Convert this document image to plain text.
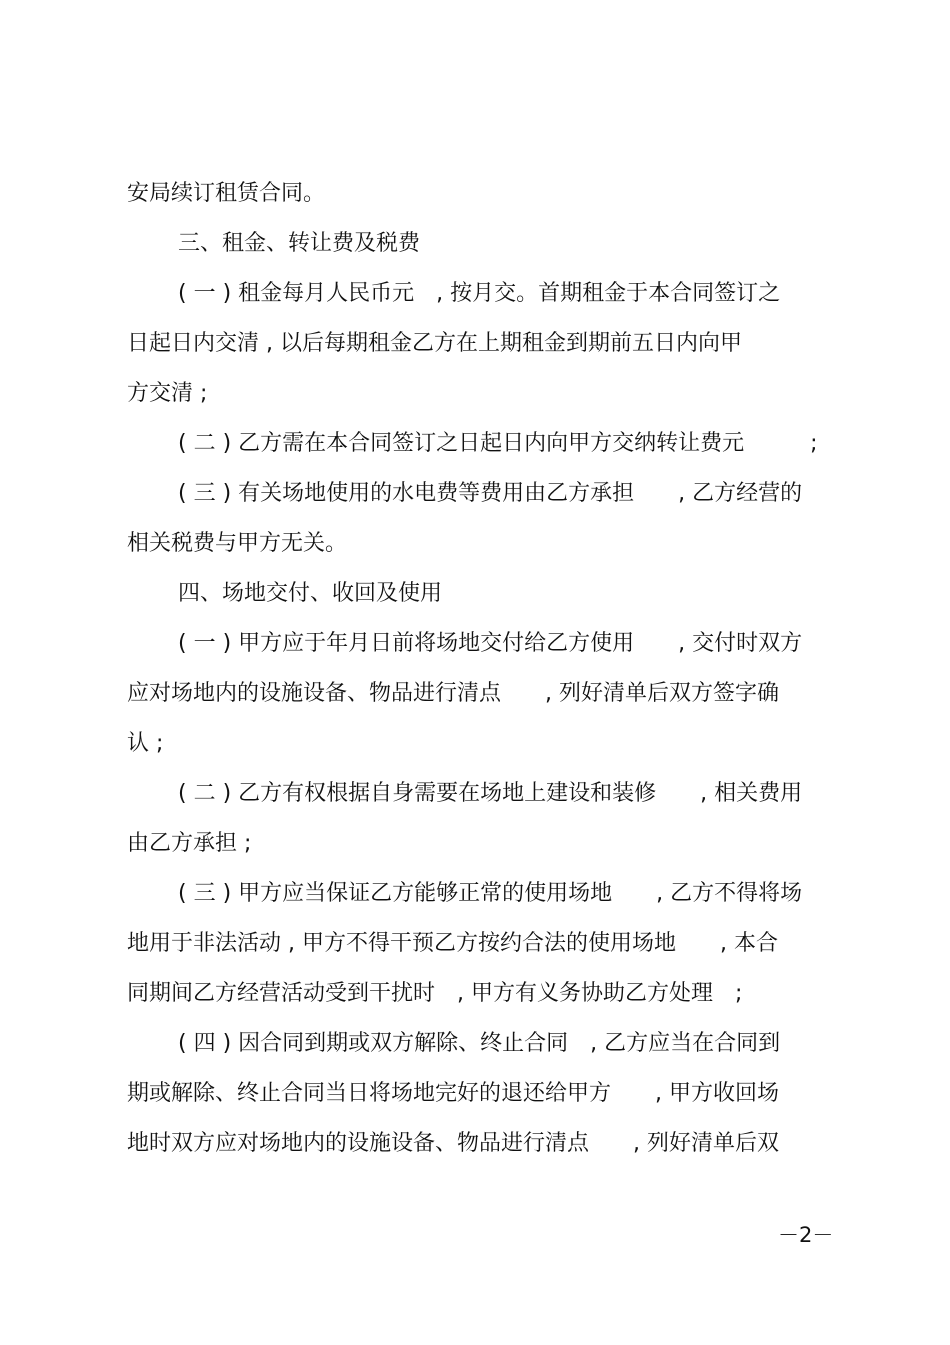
安局续订租赁合同。
三、租金、转让费及税费
( 一 ) 租金每月人民币元　, 按月交。首期租金于本合同签订之
日起日内交清 , 以后每期租金乙方在上期租金到期前五日内向甲
方交清 ;
( 二 ) 乙方需在本合同签订之日起日内向甲方交纳转让费元　　　;
( 三 ) 有关场地使用的水电费等费用由乙方承担　　, 乙方经营的
相关税费与甲方无关。
四、场地交付、收回及使用
( 一 ) 甲方应于年月日前将场地交付给乙方使用　　, 交付时双方
应对场地内的设施设备、物品进行清点　　, 列好清单后双方签字确
认 ;
( 二 ) 乙方有权根据自身需要在场地上建设和装修　　, 相关费用
由乙方承担 ;
( 三 ) 甲方应当保证乙方能够正常的使用场地　　, 乙方不得将场
地用于非法活动 , 甲方不得干预乙方按约合法的使用场地　　, 本合
同期间乙方经营活动受到干扰时　, 甲方有义务协助乙方处理　;
( 四 ) 因合同到期或双方解除、终止合同　, 乙方应当在合同到
期或解除、终止合同当日将场地完好的退还给甲方　　, 甲方收回场
地时双方应对场地内的设施设备、物品进行清点　　, 列好清单后双
－2－
